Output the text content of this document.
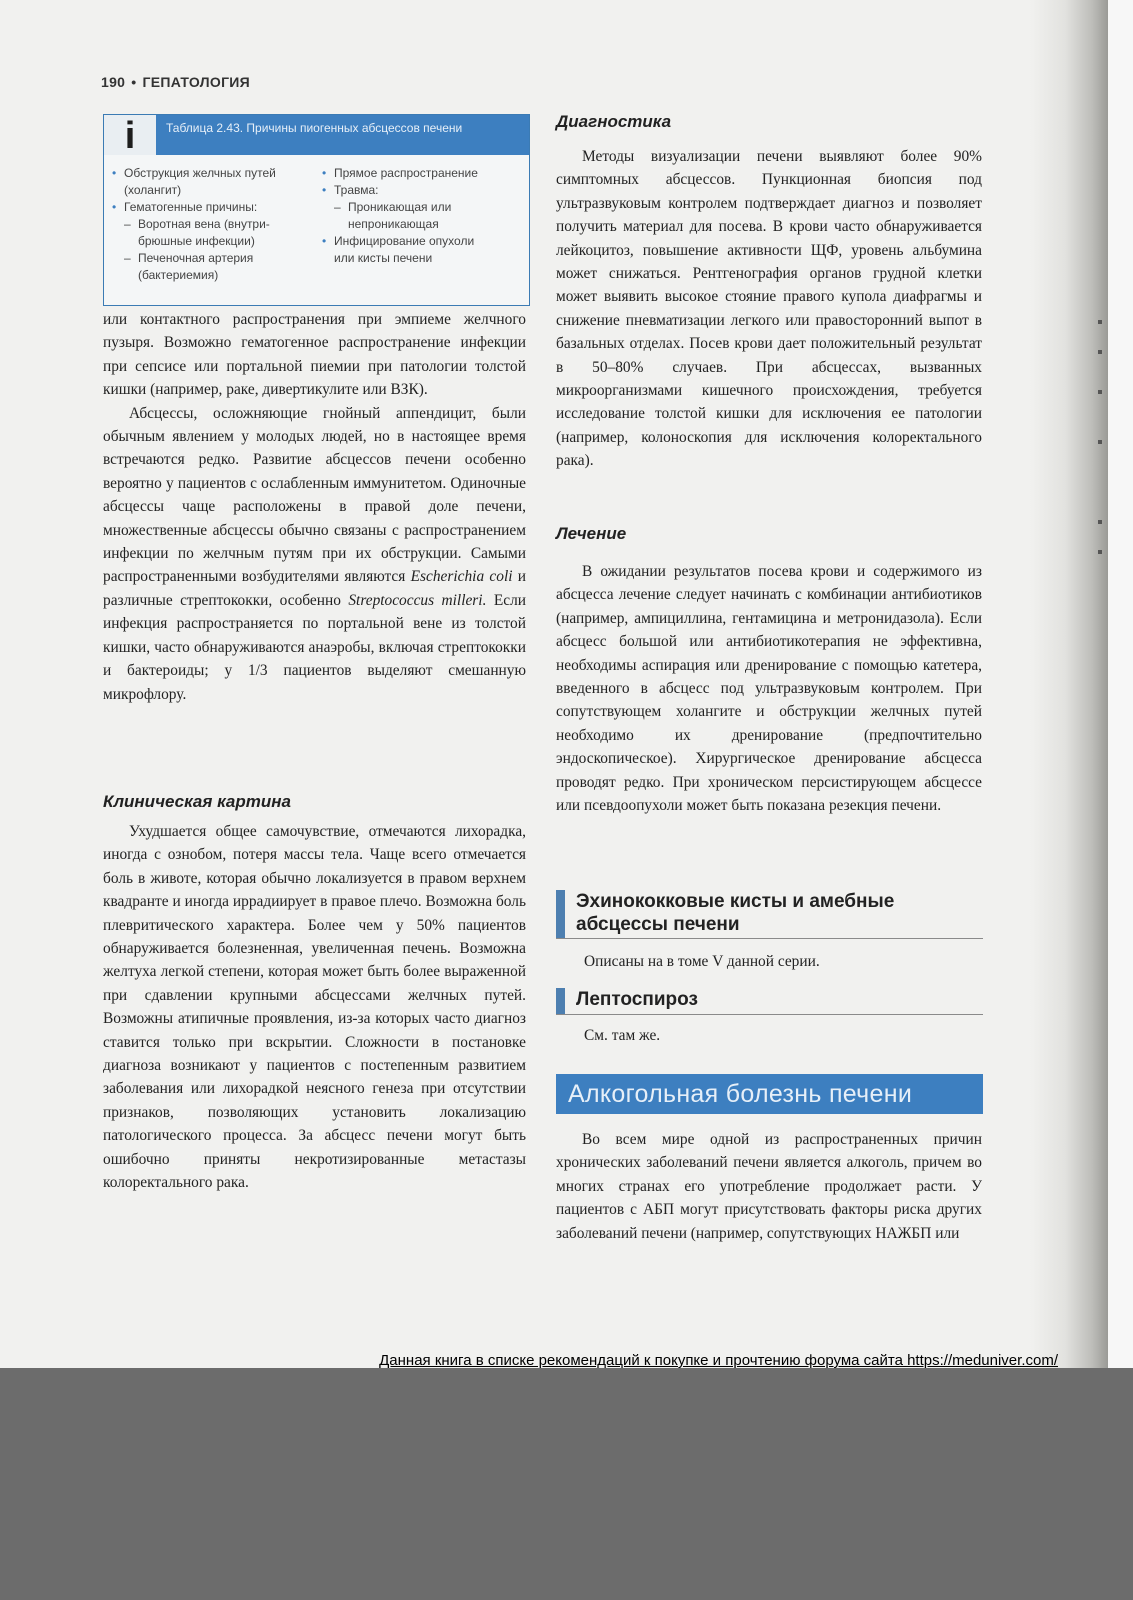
190 • ГЕПАТОЛОГИЯ
i	Таблица 2.43. Причины пиогенных абсцессов печени
• Обструкция желчных путей
(холангит)
• Гематогенные причины:
– Воротная вена (внутри-
брюшные инфекции)
– Печеночная артерия
(бактериемия)
• Прямое распространение
• Травма:
– Проникающая или
непроникающая
• Инфицирование опухоли
или кисты печени

или контактного распространения при эмпиеме желчного пузыря. Возможно гематогенное распространение инфекции при сепсисе или портальной пиемии при патологии толстой кишки (например, раке, дивертикулите или ВЗК).

Абсцессы, осложняющие гнойный аппендицит, были обычным явлением у молодых людей, но в настоящее время встречаются редко. Развитие абсцессов печени особенно вероятно у пациентов с ослабленным иммунитетом. Одиночные абсцессы чаще расположены в правой доле печени, множественные абсцессы обычно связаны с распространением инфекции по желчным путям при их обструкции. Самыми распространенными возбудителями являются Escherichia coli и различные стрептококки, особенно Streptococcus milleri. Если инфекция распространяется по портальной вене из толстой кишки, часто обнаруживаются анаэробы, включая стрептококки и бактероиды; у 1/3 пациентов выделяют смешанную микрофлору.

Клиническая картина

Ухудшается общее самочувствие, отмечаются лихорадка, иногда с ознобом, потеря массы тела. Чаще всего отмечается боль в животе, которая обычно локализуется в правом верхнем квадранте и иногда иррадиирует в правое плечо. Возможна боль плевритического характера. Более чем у 50% пациентов обнаруживается болезненная, увеличенная печень. Возможна желтуха легкой степени, которая может быть более выраженной при сдавлении крупными абсцессами желчных путей. Возможны атипичные проявления, из-за которых часто диагноз ставится только при вскрытии. Сложности в постановке диагноза возникают у пациентов с постепенным развитием заболевания или лихорадкой неясного генеза при отсутствии признаков, позволяющих установить локализацию патологического процесса. За абсцесс печени могут быть ошибочно приняты некротизированные метастазы колоректального рака.

Диагностика

Методы визуализации печени выявляют более 90% симптомных абсцессов. Пункционная биопсия под ультразвуковым контролем подтверждает диагноз и позволяет получить материал для посева. В крови часто обнаруживается лейкоцитоз, повышение активности ЩФ, уровень альбумина может снижаться. Рентгенография органов грудной клетки может выявить высокое стояние правого купола диафрагмы и снижение пневматизации легкого или правосторонний выпот в базальных отделах. Посев крови дает положительный результат в 50–80% случаев. При абсцессах, вызванных микроорганизмами кишечного происхождения, требуется исследование толстой кишки для исключения ее патологии (например, колоноскопия для исключения колоректального рака).

Лечение

В ожидании результатов посева крови и содержимого из абсцесса лечение следует начинать с комбинации антибиотиков (например, ампициллина, гентамицина и метронидазола). Если абсцесс большой или антибиотикотерапия не эффективна, необходимы аспирация или дренирование с помощью катетера, введенного в абсцесс под ультразвуковым контролем. При сопутствующем холангите и обструкции желчных путей необходимо их дренирование (предпочтительно эндоскопическое). Хирургическое дренирование абсцесса проводят редко. При хроническом персистирующем абсцессе или псевдоопухоли может быть показана резекция печени.

Эхинококковые кисты и амебные
абсцессы печени

Описаны на в томе V данной серии.

Лептоспироз

См. там же.

Алкогольная болезнь печени

Во всем мире одной из распространенных причин хронических заболеваний печени является алкоголь, причем во многих странах его употребление продолжает расти. У пациентов с АБП могут присутствовать факторы риска других заболеваний печени (например, сопутствующих НАЖБП или

Данная книга в списке рекомендаций к покупке и прочтению форума сайта https://meduniver.com/
